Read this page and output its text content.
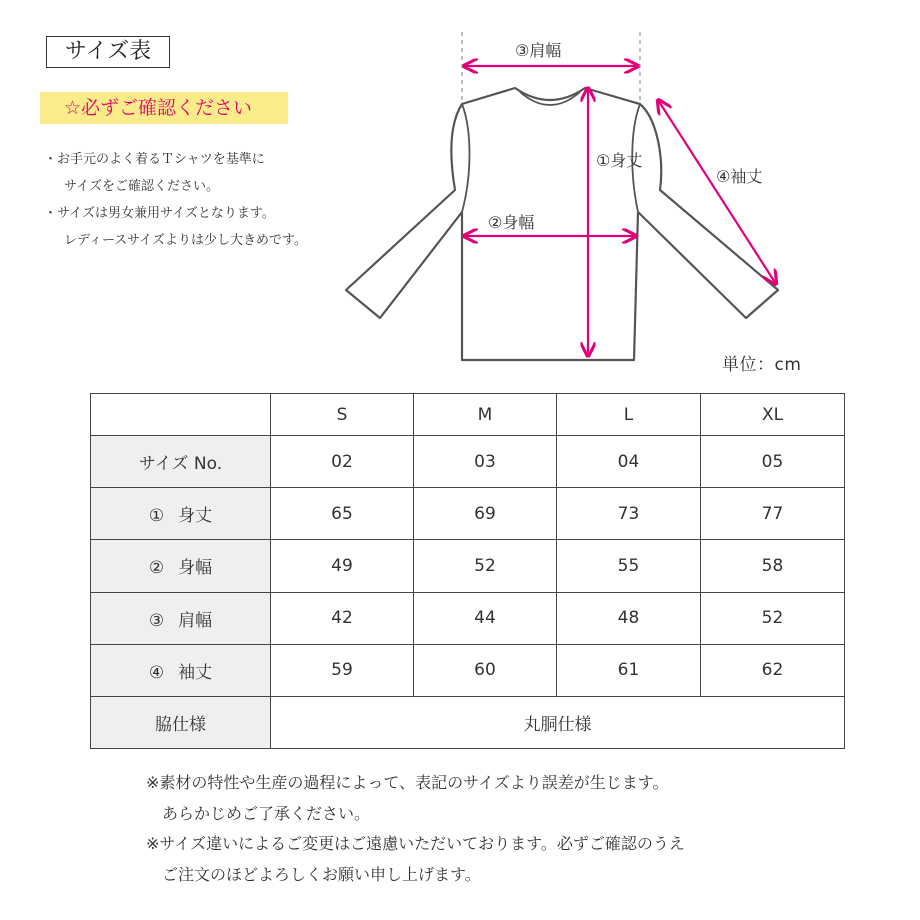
サイズ表
☆必ずご確認ください
・お手元のよく着るＴシャツを基準に
サイズをご確認ください。
・サイズは男女兼用サイズとなります。
レディースサイズよりは少し大きめです。
③肩幅
①身丈
②身幅
④袖丈
単位：cm
	S	M	L	XL
サイズ No.	02	03	04	05
① 身丈	65	69	73	77
② 身幅	49	52	55	58
③ 肩幅	42	44	48	52
④ 袖丈	59	60	61	62
脇仕様	丸胴仕様			
※素材の特性や生産の過程によって、表記のサイズより誤差が生じます。
あらかじめご了承ください。
※サイズ違いによるご変更はご遠慮いただいております。必ずご確認のうえ
ご注文のほどよろしくお願い申し上げます。
